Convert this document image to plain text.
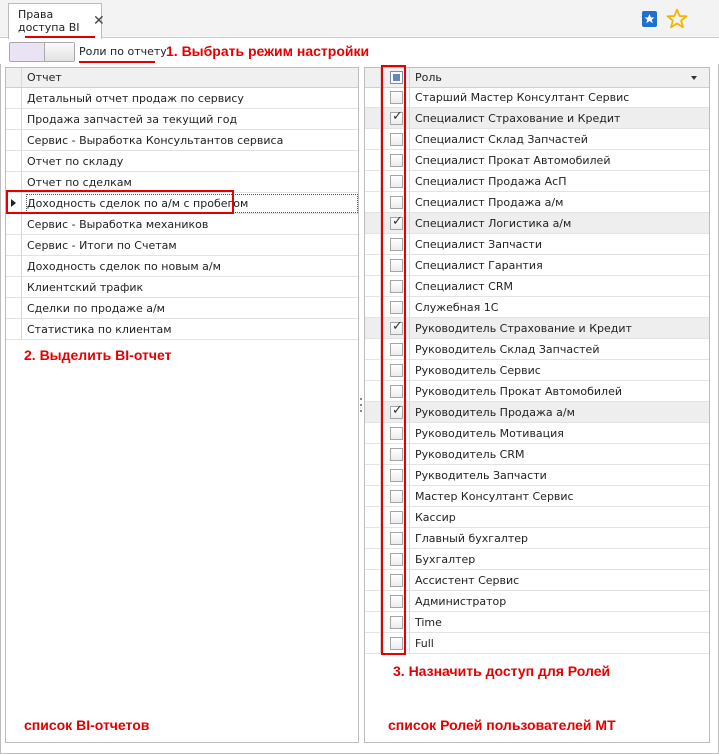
Права доступа BI ✕
Роли по отчету 1. Выбрать режим настройки
Отчет
Детальный отчет продаж по сервису
Продажа запчастей за текущий год
Сервис - Выработка Консультантов сервиса
Отчет по складу
Отчет по сделкам
Доходность сделок по а/м с пробегом
Сервис - Выработка механиков
Сервис - Итоги по Счетам
Доходность сделок по новым а/м
Клиентский трафик
Сделки по продаже а/м
Статистика по клиентам
2. Выделить BI-отчет
список BI-отчетов
Роль
Старший Мастер Консултант Сервис
✓ Специалист Страхование и Кредит
Специалист Склад Запчастей
Специалист Прокат Автомобилей
Специалист Продажа АсП
Специалист Продажа а/м
✓ Специалист Логистика а/м
Специалист Запчасти
Специалист Гарантия
Специалист CRM
Служебная 1С
✓ Руководитель Страхование и Кредит
Руководитель Склад Запчастей
Руководитель Сервис
Руководитель Прокат Автомобилей
✓ Руководитель Продажа а/м
Руководитель Мотивация
Руководитель CRM
Рукводитель Запчасти
Мастер Консултант Сервис
Кассир
Главный бухгалтер
Бухгалтер
Ассистент Сервис
Администратор
Time
Full
3. Назначить доступ для Ролей
список Ролей пользователей МТ
